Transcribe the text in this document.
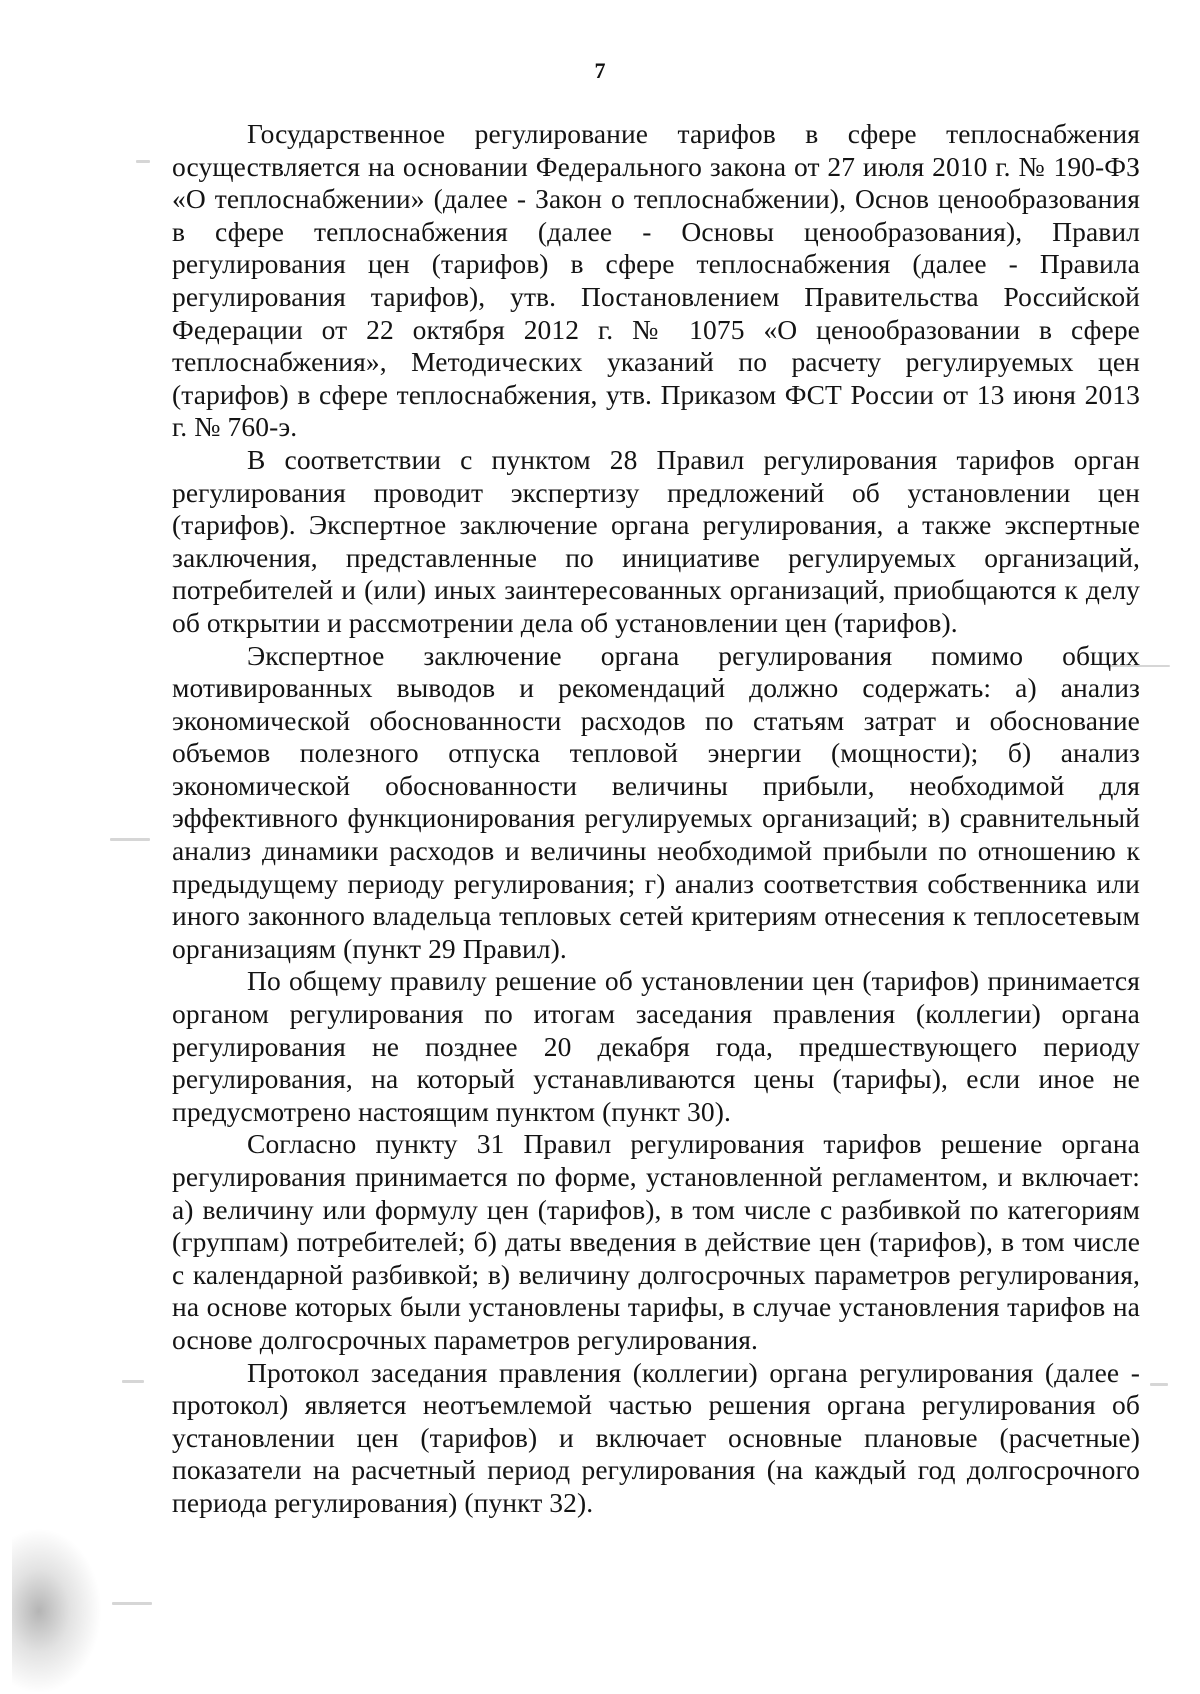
7

Государственное регулирование тарифов в сфере теплоснабжения осуществляется на основании Федерального закона от 27 июля 2010 г. № 190-ФЗ «О теплоснабжении» (далее - Закон о теплоснабжении), Основ ценообразования в сфере теплоснабжения (далее - Основы ценообразования), Правил регулирования цен (тарифов) в сфере теплоснабжения (далее - Правила регулирования тарифов), утв. Постановлением Правительства Российской Федерации от 22 октября 2012 г. № 1075 «О ценообразовании в сфере теплоснабжения», Методических указаний по расчету регулируемых цен (тарифов) в сфере теплоснабжения, утв. Приказом ФСТ России от 13 июня 2013 г. № 760-э.

В соответствии с пунктом 28 Правил регулирования тарифов орган регулирования проводит экспертизу предложений об установлении цен (тарифов). Экспертное заключение органа регулирования, а также экспертные заключения, представленные по инициативе регулируемых организаций, потребителей и (или) иных заинтересованных организаций, приобщаются к делу об открытии и рассмотрении дела об установлении цен (тарифов).

Экспертное заключение органа регулирования помимо общих мотивированных выводов и рекомендаций должно содержать: а) анализ экономической обоснованности расходов по статьям затрат и обоснование объемов полезного отпуска тепловой энергии (мощности); б) анализ экономической обоснованности величины прибыли, необходимой для эффективного функционирования регулируемых организаций; в) сравнительный анализ динамики расходов и величины необходимой прибыли по отношению к предыдущему периоду регулирования; г) анализ соответствия собственника или иного законного владельца тепловых сетей критериям отнесения к теплосетевым организациям (пункт 29 Правил).

По общему правилу решение об установлении цен (тарифов) принимается органом регулирования по итогам заседания правления (коллегии) органа регулирования не позднее 20 декабря года, предшествующего периоду регулирования, на который устанавливаются цены (тарифы), если иное не предусмотрено настоящим пунктом (пункт 30).

Согласно пункту 31 Правил регулирования тарифов решение органа регулирования принимается по форме, установленной регламентом, и включает: а) величину или формулу цен (тарифов), в том числе с разбивкой по категориям (группам) потребителей; б) даты введения в действие цен (тарифов), в том числе с календарной разбивкой; в) величину долгосрочных параметров регулирования, на основе которых были установлены тарифы, в случае установления тарифов на основе долгосрочных параметров регулирования.

Протокол заседания правления (коллегии) органа регулирования (далее - протокол) является неотъемлемой частью решения органа регулирования об установлении цен (тарифов) и включает основные плановые (расчетные) показатели на расчетный период регулирования (на каждый год долгосрочного периода регулирования) (пункт 32).
